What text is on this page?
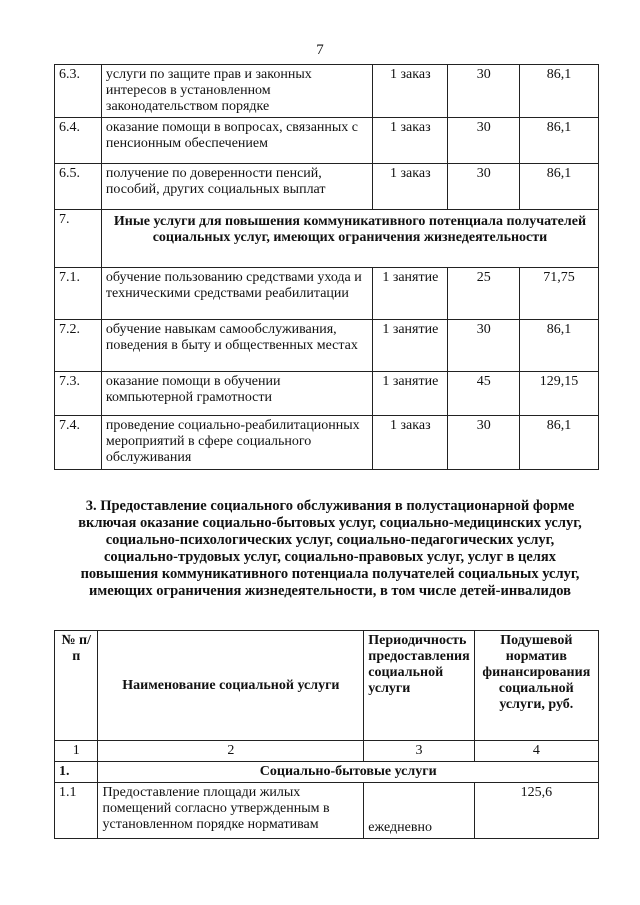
7
6.3.	услуги по защите прав и законных интересов в установленном законодательством порядке	1 заказ	30	86,1
6.4.	оказание помощи в вопросах, связанных с пенсионным обеспечением	1 заказ	30	86,1
6.5.	получение по доверенности пенсий, пособий, других социальных выплат	1 заказ	30	86,1
7.	Иные услуги для повышения коммуникативного потенциала получателей социальных услуг, имеющих ограничения жизнедеятельности			
7.1.	обучение пользованию средствами ухода и техническими средствами реабилитации	1 занятие	25	71,75
7.2.	обучение навыкам самообслуживания, поведения в быту и общественных местах	1 занятие	30	86,1
7.3.	оказание помощи в обучении компьютерной грамотности	1 занятие	45	129,15
7.4.	проведение социально-реабилитационных мероприятий в сфере социального обслуживания	1 заказ	30	86,1
3. Предоставление социального обслуживания в полустационарной форме включая оказание социально-бытовых услуг, социально-медицинских услуг, социально-психологических услуг, социально-педагогических услуг, социально-трудовых услуг, социально-правовых услуг, услуг в целях повышения коммуникативного потенциала получателей социальных услуг, имеющих ограничения жизнедеятельности, в том числе детей-инвалидов
№ п/п	Наименование социальной услуги	Периодичность предоставления социальной услуги	Подушевой норматив финансирования социальной услуги, руб.
1	2	3	4
1.	Социально-бытовые услуги		
1.1	Предоставление площади жилых помещений согласно утвержденным в установленном порядке нормативам	ежедневно	125,6
